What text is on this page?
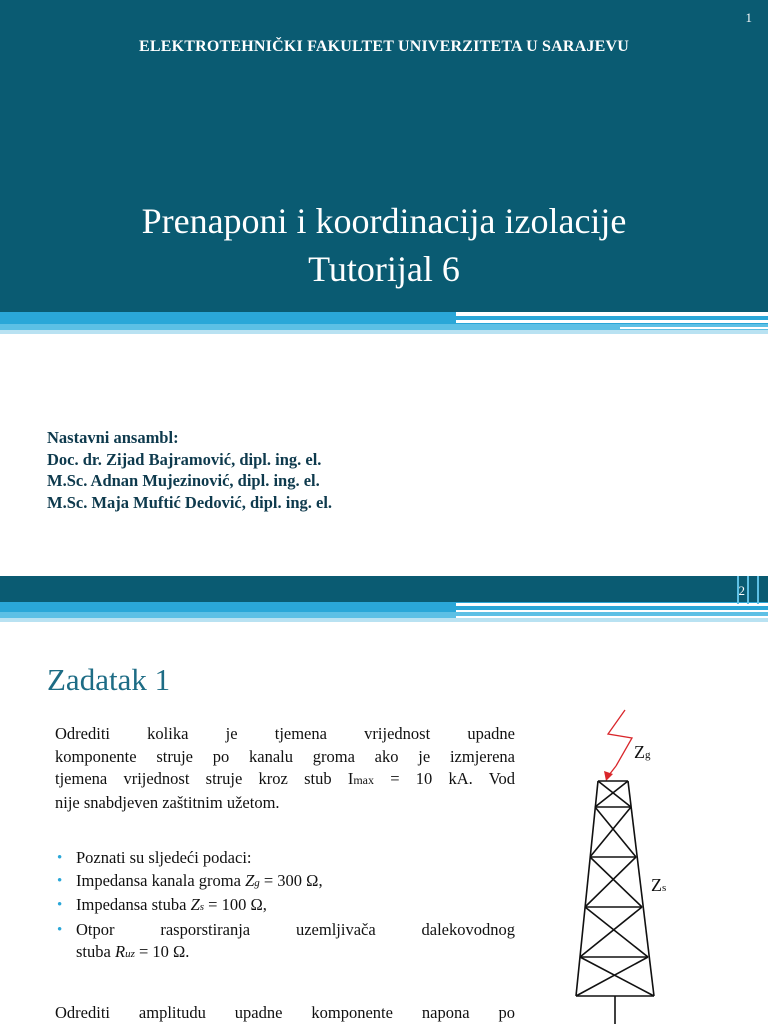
1
ELEKTROTEHNIČKI FAKULTET UNIVERZITETA U SARAJEVU
Prenaponi i koordinacija izolacije
Tutorijal 6
Nastavni ansambl:
Doc. dr. Zijad Bajramović, dipl. ing. el.
M.Sc. Adnan Mujezinović, dipl. ing. el.
M.Sc. Maja Muftić Dedović, dipl. ing. el.
2
Zadatak 1

Odrediti kolika je tjemena vrijednost upadne
komponente struje po kanalu groma ako je izmjerena
tjemena vrijednost struje kroz stub Imax = 10 kA. Vod
nije snabdjeven zaštitnim užetom.

• Poznati su sljedeći podaci:
• Impedansa kanala groma Zg = 300 Ω,
• Impedansa stuba Zs = 100 Ω,
• Otpor rasporstiranja uzemljivača dalekovodnog
stuba Ruz = 10 Ω.

Odrediti amplitudu upadne komponente napona po

Zg
Zs
